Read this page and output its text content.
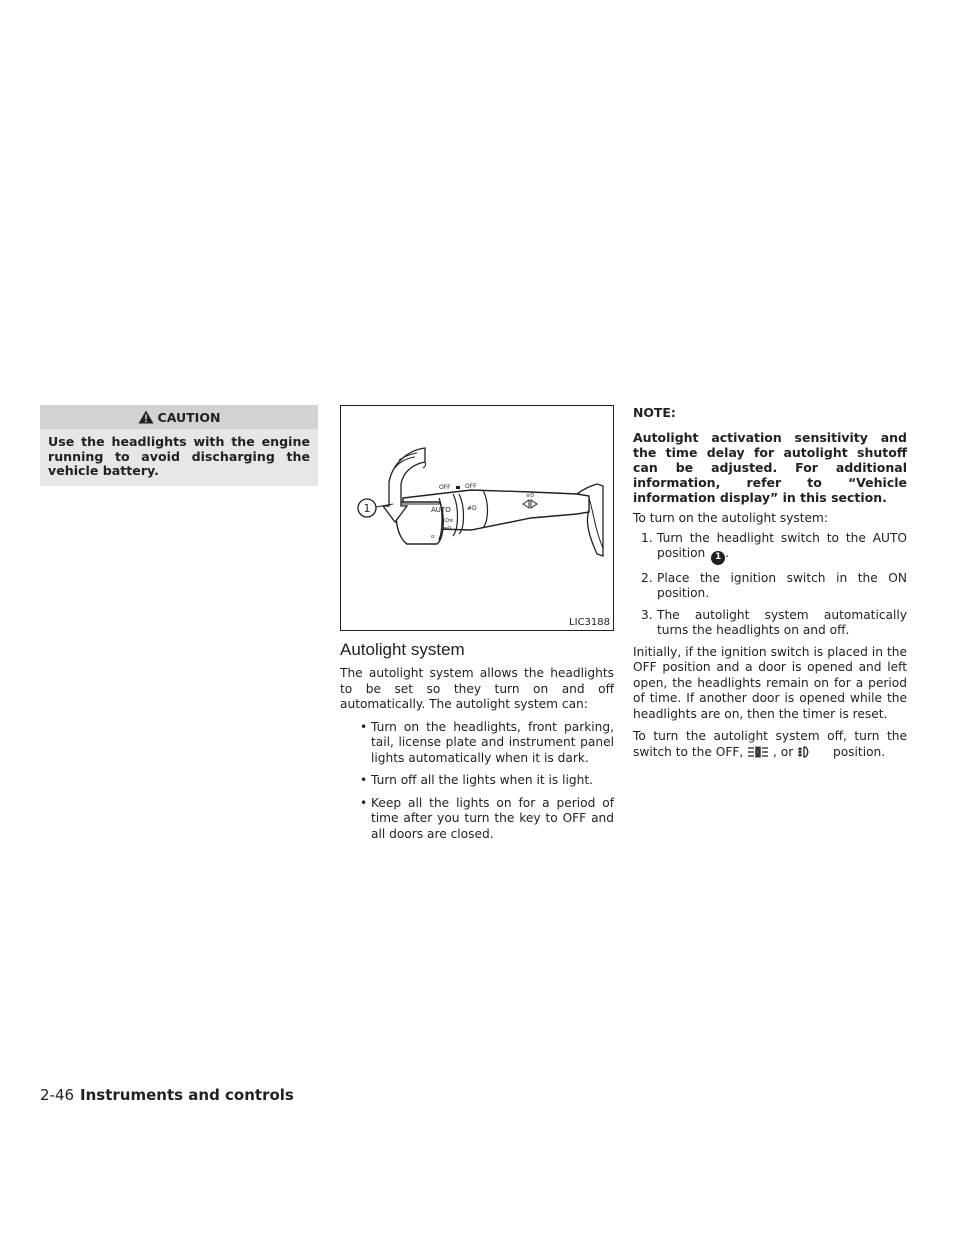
CAUTION
Use the headlights with the engine running to avoid discharging the vehicle battery.
OFF OFF
AUTO
≡D
#D
≡D≡
≡D
o:
1
LIC3188
Autolight system

The autolight system allows the headlights to be set so they turn on and off automatically. The autolight system can:

• Turn on the headlights, front parking, tail, license plate and instrument panel lights automatically when it is dark.
• Turn off all the lights when it is light.
• Keep all the lights on for a period of time after you turn the key to OFF and all doors are closed.
NOTE:

Autolight activation sensitivity and the time delay for autolight shutoff can be adjusted. For additional information, refer to “Vehicle information display” in this section.

To turn on the autolight system:

1. Turn the headlight switch to the AUTO position 1 .
2. Place the ignition switch in the ON position.
3. The autolight system automatically turns the headlights on and off.

Initially, if the ignition switch is placed in the OFF position and a door is opened and left open, the headlights remain on for a period of time. If another door is opened while the headlights are on, then the timer is reset.

To turn the autolight system off, turn the switch to the OFF, , or	position.

2-46 Instruments and controls
